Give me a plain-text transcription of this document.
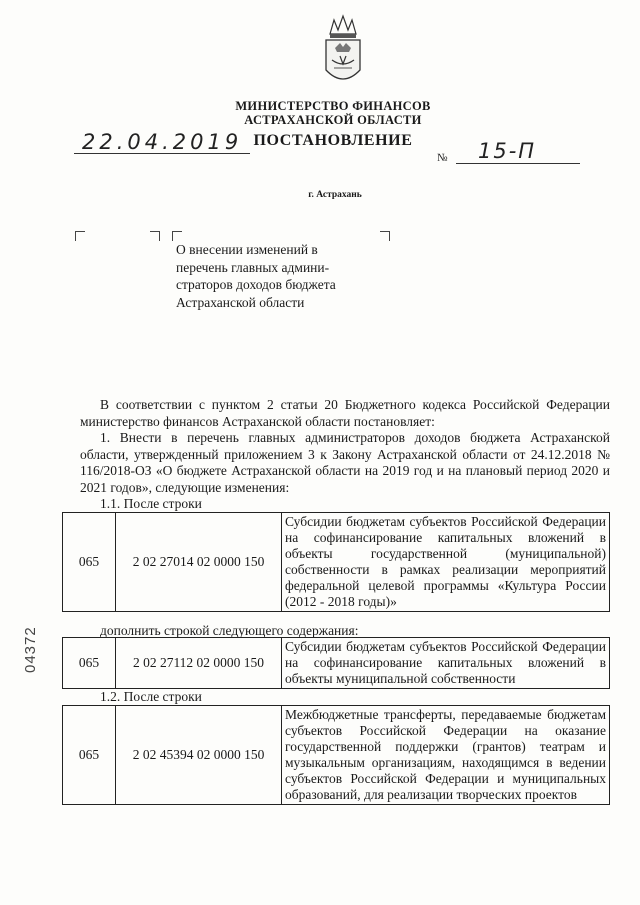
МИНИСТЕРСТВО ФИНАНСОВ
АСТРАХАНСКОЙ ОБЛАСТИ
22.04.2019 ПОСТАНОВЛЕНИЕ
№ 15-П
г. Астрахань
О внесении изменений в
перечень главных админи-
страторов доходов бюджета
Астраханской области
В соответствии с пунктом 2 статьи 20 Бюджетного кодекса Российской Федерации министерство финансов Астраханской области постановляет:
1. Внести в перечень главных администраторов доходов бюджета Астраханской области, утвержденный приложением 3 к Закону Астраханской области от 24.12.2018 № 116/2018-ОЗ «О бюджете Астраханской области на 2019 год и на плановый период 2020 и 2021 годов», следующие изменения:
1.1. После строки
065	2 02 27014 02 0000 150	Субсидии бюджетам субъектов Российской Федерации на софинансирование капитальных вложений в объекты государственной (муниципальной) собственности в рамках реализации мероприятий федеральной целевой программы «Культура России (2012 - 2018 годы)»
дополнить строкой следующего содержания:
065	2 02 27112 02 0000 150	Субсидии бюджетам субъектов Российской Федерации на софинансирование капитальных вложений в объекты муниципальной собственности
1.2. После строки
065	2 02 45394 02 0000 150	Межбюджетные трансферты, передаваемые бюджетам субъектов Российской Федерации на оказание государственной поддержки (грантов) театрам и музыкальным организациям, находящимся в ведении субъектов Российской Федерации и муниципальных образований, для реализации творческих проектов
04372
